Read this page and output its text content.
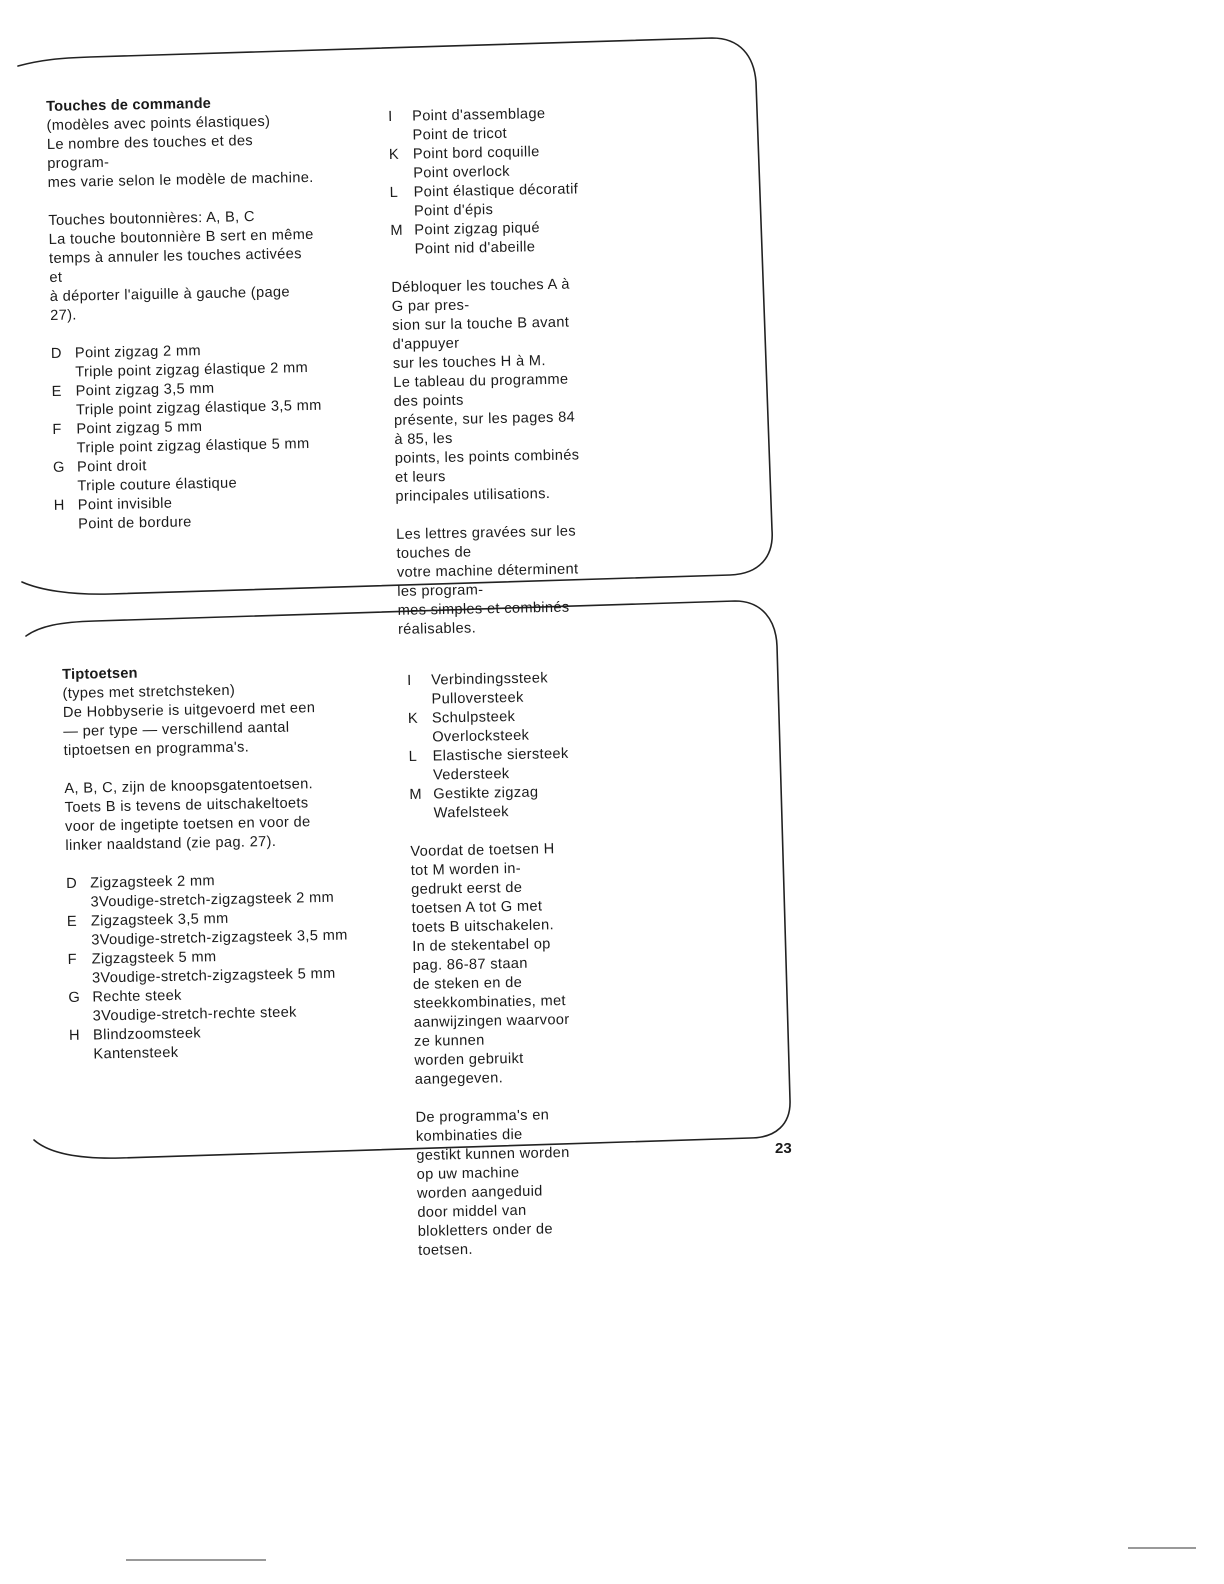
Touches de commande

(modèles avec points élastiques)

Le nombre des touches et des program-

mes varie selon le modèle de machine.

Touches boutonnières: A, B, C

La touche boutonnière B sert en même

temps à annuler les touches activées et

à déporter l'aiguille à gauche (page 27).

D Point zigzag 2 mm

Triple point zigzag élastique 2 mm

E Point zigzag 3,5 mm

Triple point zigzag élastique 3,5 mm

F Point zigzag 5 mm

Triple point zigzag élastique 5 mm

G Point droit

Triple couture élastique

H Point invisible

Point de bordure

I	Point d'assemblage

Point de tricot

K Point bord coquille

Point overlock

L	Point élastique décoratif

Point d'épis

M Point zigzag piqué

Point nid d'abeille

Débloquer les touches A à G par pres-

sion sur la touche B avant d'appuyer

sur les touches H à M.

Le tableau du programme des points

présente, sur les pages 84 à 85, les

points, les points combinés et leurs

principales utilisations.

Les lettres gravées sur les touches de

votre machine déterminent les program-

mes simples et combinés réalisables.

Tiptoetsen

(types met stretchsteken)

De Hobbyserie is uitgevoerd met een

— per type — verschillend aantal

tiptoetsen en programma's.

A, B, C, zijn de knoopsgatentoetsen.

Toets B is tevens de uitschakeltoets

voor de ingetipte toetsen en voor de

linker naaldstand (zie pag. 27).

D Zigzagsteek 2 mm

3Voudige-stretch-zigzagsteek 2 mm

E Zigzagsteek 3,5 mm

3Voudige-stretch-zigzagsteek 3,5 mm

F Zigzagsteek 5 mm

3Voudige-stretch-zigzagsteek 5 mm

G Rechte steek

3Voudige-stretch-rechte steek

H Blindzoomsteek

Kantensteek

I	Verbindingssteek

Pulloversteek

K Schulpsteek

Overlocksteek

L	Elastische siersteek

Vedersteek

M Gestikte zigzag

Wafelsteek

Voordat de toetsen H tot M worden in-

gedrukt eerst de toetsen A tot G met

toets B uitschakelen.

In de stekentabel op pag. 86-87 staan

de steken en de steekkombinaties, met

aanwijzingen waarvoor ze kunnen

worden gebruikt aangegeven.

De programma's en kombinaties die

gestikt kunnen worden op uw machine

worden aangeduid door middel van

blokletters onder de toetsen.

23
